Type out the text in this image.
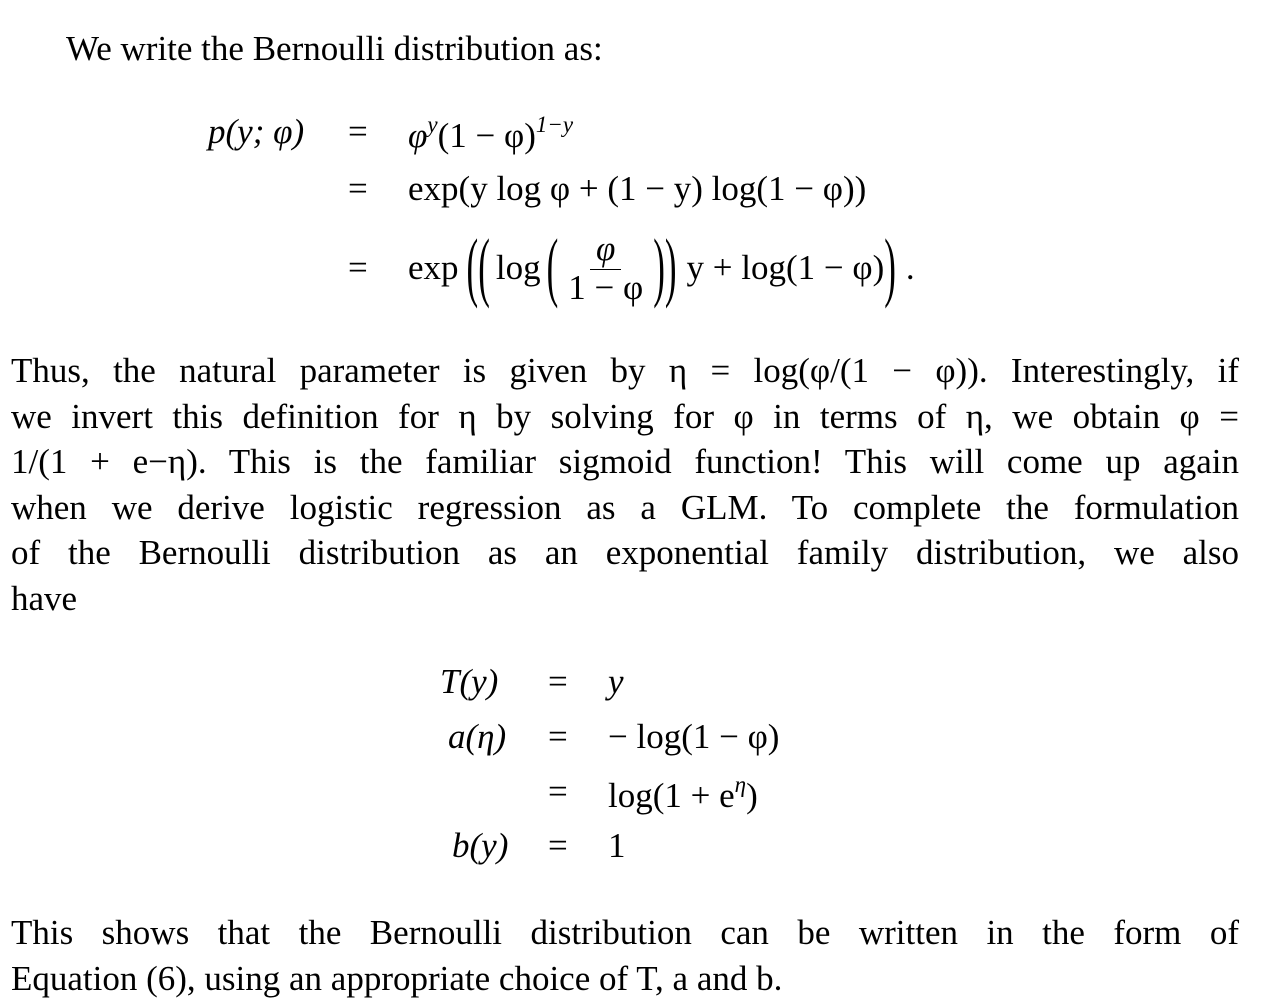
We write the Bernoulli distribution as:
p(y; $\varphi) = \varphi^y(1 - \varphi)^{1-y}$
= exp(y log φ + (1 − y) log(1 − φ))
= exp ( ( log ( $\frac{\varphi}{1 - \varphi}$ ) ) y + log(1 − φ) ) .
Thus, the natural parameter is given by η = log(φ/(1 − φ)). Interestingly, if
we invert this definition for η by solving for φ in terms of η, we obtain φ =
1/(1 + e−η). This is the familiar sigmoid function! This will come up again
when we derive logistic regression as a GLM. To complete the formulation
of the Bernoulli distribution as an exponential family distribution, we also
have
T(y) = y
a(η) = − log(1 − φ)
= $\log(1 + e^\eta)$
b(y) = 1
This shows that the Bernoulli distribution can be written in the form of
Equation (6), using an appropriate choice of T, a and b.
